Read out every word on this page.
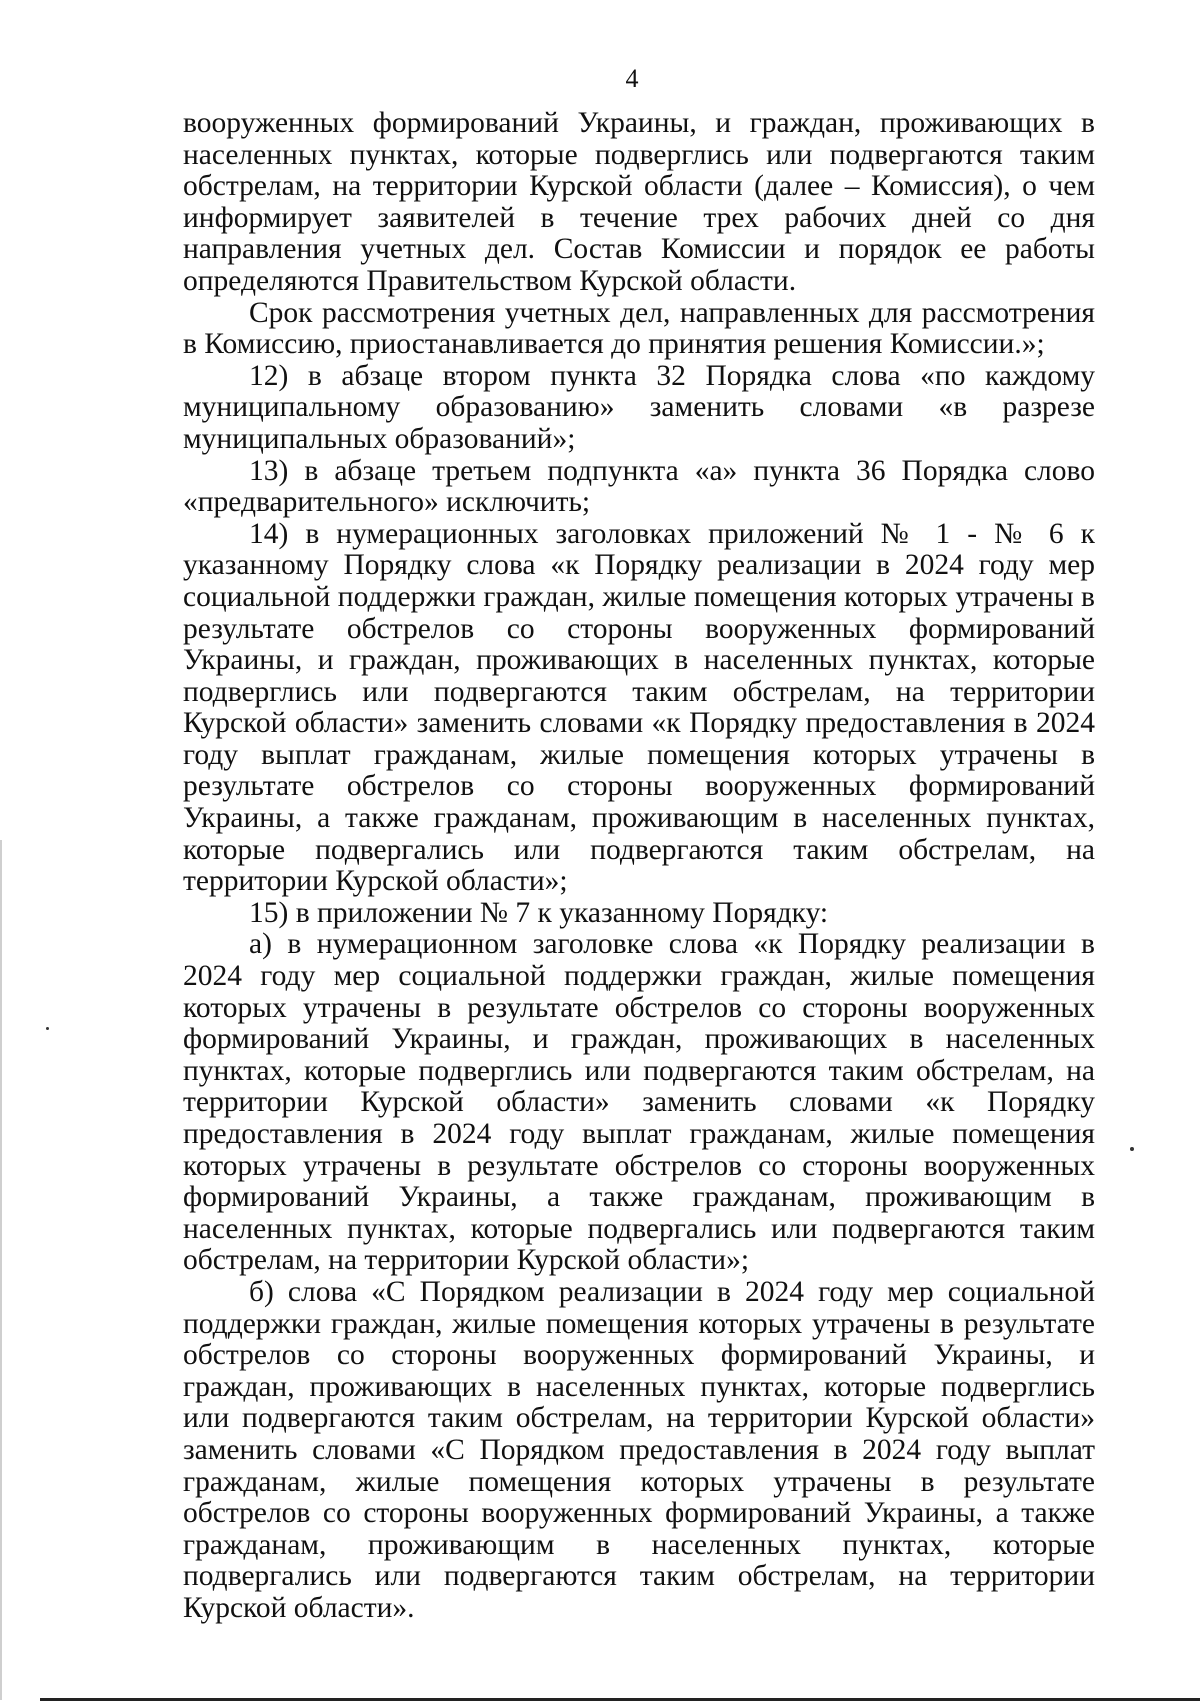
4

вооруженных формирований Украины, и граждан, проживающих в населенных пунктах, которые подверглись или подвергаются таким обстрелам, на территории Курской области (далее – Комиссия), о чем информирует заявителей в течение трех рабочих дней со дня направления учетных дел. Состав Комиссии и порядок ее работы определяются Правительством Курской области.

Срок рассмотрения учетных дел, направленных для рассмотрения в Комиссию, приостанавливается до принятия решения Комиссии.»;

12) в абзаце втором пункта 32 Порядка слова «по каждому муниципальному образованию» заменить словами «в разрезе муниципальных образований»;

13) в абзаце третьем подпункта «а» пункта 36 Порядка слово «предварительного» исключить;

14) в нумерационных заголовках приложений № 1 - № 6 к указанному Порядку слова «к Порядку реализации в 2024 году мер социальной поддержки граждан, жилые помещения которых утрачены в результате обстрелов со стороны вооруженных формирований Украины, и граждан, проживающих в населенных пунктах, которые подверглись или подвергаются таким обстрелам, на территории Курской области» заменить словами «к Порядку предоставления в 2024 году выплат гражданам, жилые помещения которых утрачены в результате обстрелов со стороны вооруженных формирований Украины, а также гражданам, проживающим в населенных пунктах, которые подвергались или подвергаются таким обстрелам, на территории Курской области»;

15) в приложении № 7 к указанному Порядку:

а) в нумерационном заголовке слова «к Порядку реализации в 2024 году мер социальной поддержки граждан, жилые помещения которых утрачены в результате обстрелов со стороны вооруженных формирований Украины, и граждан, проживающих в населенных пунктах, которые подверглись или подвергаются таким обстрелам, на территории Курской области» заменить словами «к Порядку предоставления в 2024 году выплат гражданам, жилые помещения которых утрачены в результате обстрелов со стороны вооруженных формирований Украины, а также гражданам, проживающим в населенных пунктах, которые подвергались или подвергаются таким обстрелам, на территории Курской области»;

б) слова «С Порядком реализации в 2024 году мер социальной поддержки граждан, жилые помещения которых утрачены в результате обстрелов со стороны вооруженных формирований Украины, и граждан, проживающих в населенных пунктах, которые подверглись или подвергаются таким обстрелам, на территории Курской области» заменить словами «С Порядком предоставления в 2024 году выплат гражданам, жилые помещения которых утрачены в результате обстрелов со стороны вооруженных формирований Украины, а также гражданам, проживающим в населенных пунктах, которые подвергались или подвергаются таким обстрелам, на территории Курской области».
